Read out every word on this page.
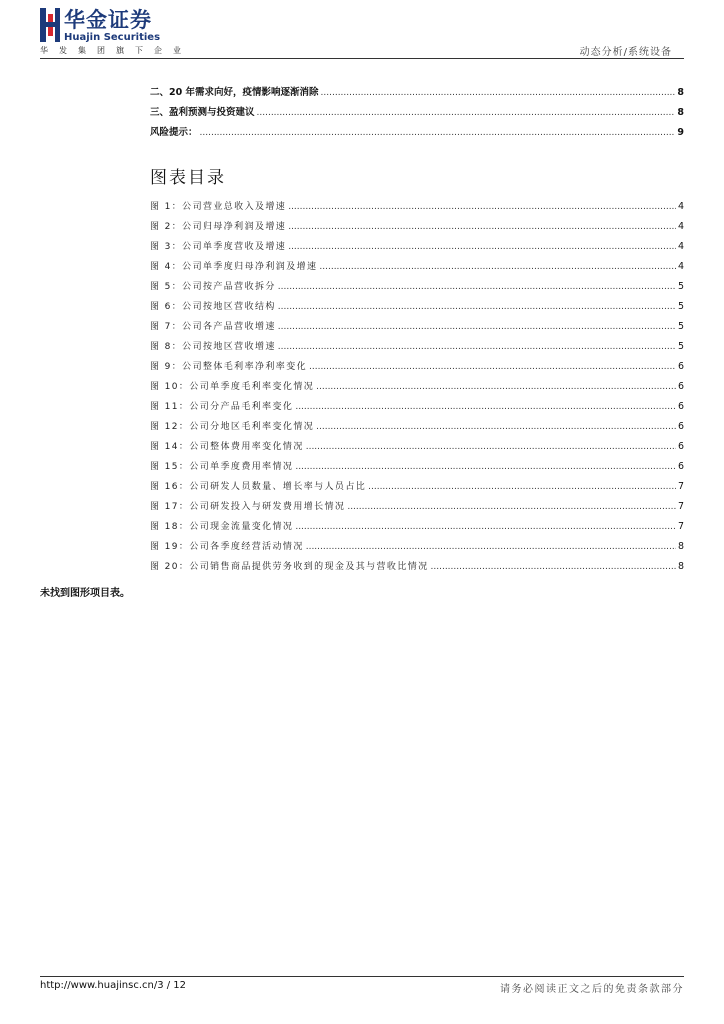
华金证券
Huajin Securities
华发集团旗下企业	动态分析/系统设备
二、20 年需求向好，疫情影响逐渐消除 .....	8
三、盈利预测与投资建议 .....	8
风险提示： .....	9
图表目录
图 1：公司营业总收入及增速 .....	4
图 2：公司归母净利润及增速 .....	4
图 3：公司单季度营收及增速 .....	4
图 4：公司单季度归母净利润及增速 .....	4
图 5：公司按产品营收拆分 .....	5
图 6：公司按地区营收结构 .....	5
图 7：公司各产品营收增速 .....	5
图 8：公司按地区营收增速 .....	5
图 9：公司整体毛利率净利率变化 .....	6
图 10：公司单季度毛利率变化情况 .....	6
图 11：公司分产品毛利率变化 .....	6
图 12：公司分地区毛利率变化情况 .....	6
图 14：公司整体费用率变化情况 .....	6
图 15：公司单季度费用率情况 .....	6
图 16：公司研发人员数量、增长率与人员占比 .....	7
图 17：公司研发投入与研发费用增长情况 .....	7
图 18：公司现金流量变化情况 .....	7
图 19：公司各季度经营活动情况 .....	8
图 20：公司销售商品提供劳务收到的现金及其与营收比情况 .....	8
未找到图形项目表。
http://www.huajinsc.cn/3 / 12	请务必阅读正文之后的免责条款部分
